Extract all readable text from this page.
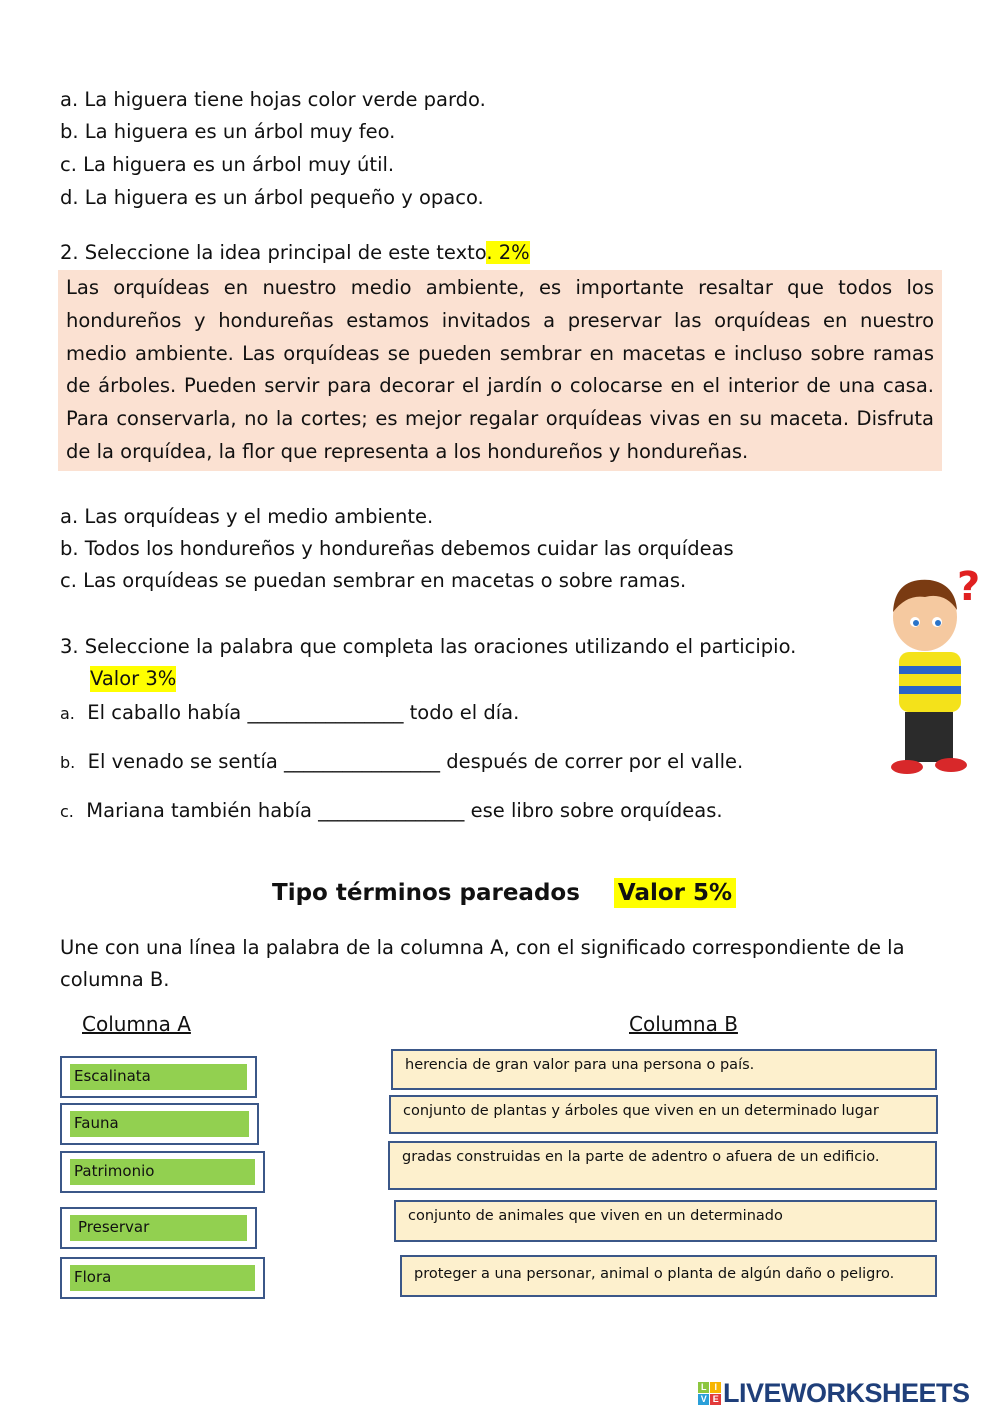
a. La higuera tiene hojas color verde pardo.
b. La higuera es un árbol muy feo.
c. La higuera es un árbol muy útil.
d. La higuera es un árbol pequeño y opaco.
2. Seleccione la idea principal de este texto. 2%
Las orquídeas en nuestro medio ambiente, es importante resaltar que todos los hondureños y hondureñas estamos invitados a preservar las orquídeas en nuestro medio ambiente. Las orquídeas se pueden sembrar en macetas e incluso sobre ramas de árboles. Pueden servir para decorar el jardín o colocarse en el interior de una casa. Para conservarla, no la cortes; es mejor regalar orquídeas vivas en su maceta. Disfruta de la orquídea, la flor que representa a los hondureños y hondureñas.
a. Las orquídeas y el medio ambiente.
b. Todos los hondureños y hondureñas debemos cuidar las orquídeas
c. Las orquídeas se puedan sembrar en macetas o sobre ramas.
3. Seleccione la palabra que completa las oraciones utilizando el participio.
Valor 3%
a. El caballo había ________________ todo el día.
b. El venado se sentía ________________ después de correr por el valle.
c. Mariana también había _______________ ese libro sobre orquídeas.
?
Tipo términos pareados Valor 5%
Une con una línea la palabra de la columna A, con el significado correspondiente de la columna B.
Columna A	Columna B
Escalinata
Fauna
Patrimonio
Preservar
Flora
herencia de gran valor para una persona o país.
conjunto de plantas y árboles que viven en un determinado lugar
gradas construidas en la parte de adentro o afuera de un edificio.
conjunto de animales que viven en un determinado
proteger a una personar, animal o planta de algún daño o peligro.
L I
V E LIVEWORKSHEETS
